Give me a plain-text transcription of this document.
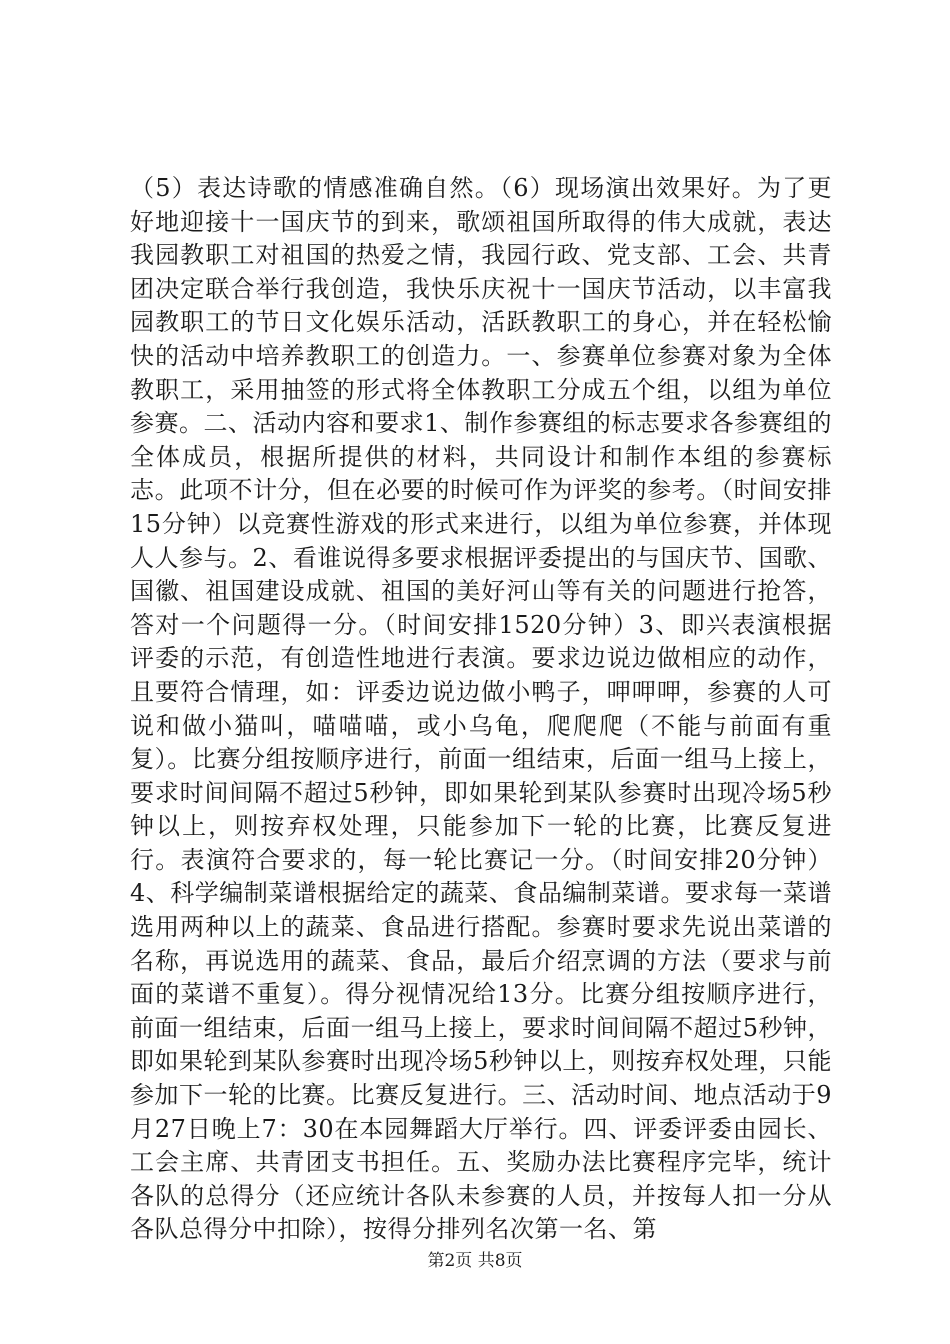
（5）表达诗歌的情感准确自然。（6）现场演出效果好。为了更好地迎接十一国庆节的到来，歌颂祖国所取得的伟大成就，表达我园教职工对祖国的热爱之情，我园行政、党支部、工会、共青团决定联合举行我创造，我快乐庆祝十一国庆节活动，以丰富我园教职工的节日文化娱乐活动，活跃教职工的身心，并在轻松愉快的活动中培养教职工的创造力。一、参赛单位参赛对象为全体教职工，采用抽签的形式将全体教职工分成五个组，以组为单位参赛。二、活动内容和要求1、制作参赛组的标志要求各参赛组的全体成员，根据所提供的材料，共同设计和制作本组的参赛标志。此项不计分，但在必要的时候可作为评奖的参考。（时间安排15分钟）以竞赛性游戏的形式来进行，以组为单位参赛，并体现人人参与。2、看谁说得多要求根据评委提出的与国庆节、国歌、国徽、祖国建设成就、祖国的美好河山等有关的问题进行抢答，答对一个问题得一分。（时间安排1520分钟）3、即兴表演根据评委的示范，有创造性地进行表演。要求边说边做相应的动作，且要符合情理，如：评委边说边做小鸭子，呷呷呷，参赛的人可说和做小猫叫，喵喵喵，或小乌龟，爬爬爬（不能与前面有重复）。比赛分组按顺序进行，前面一组结束，后面一组马上接上，要求时间间隔不超过5秒钟，即如果轮到某队参赛时出现冷场5秒钟以上，则按弃权处理，只能参加下一轮的比赛，比赛反复进行。表演符合要求的，每一轮比赛记一分。（时间安排20分钟）4、科学编制菜谱根据给定的蔬菜、食品编制菜谱。要求每一菜谱选用两种以上的蔬菜、食品进行搭配。参赛时要求先说出菜谱的名称，再说选用的蔬菜、食品，最后介绍烹调的方法（要求与前面的菜谱不重复）。得分视情况给13分。比赛分组按顺序进行，前面一组结束，后面一组马上接上，要求时间间隔不超过5秒钟，即如果轮到某队参赛时出现冷场5秒钟以上，则按弃权处理，只能参加下一轮的比赛。比赛反复进行。三、活动时间、地点活动于9月27日晚上7：30在本园舞蹈大厅举行。四、评委评委由园长、工会主席、共青团支书担任。五、奖励办法比赛程序完毕，统计各队的总得分（还应统计各队未参赛的人员，并按每人扣一分从各队总得分中扣除），按得分排列名次第一名、第

第2页 共8页
